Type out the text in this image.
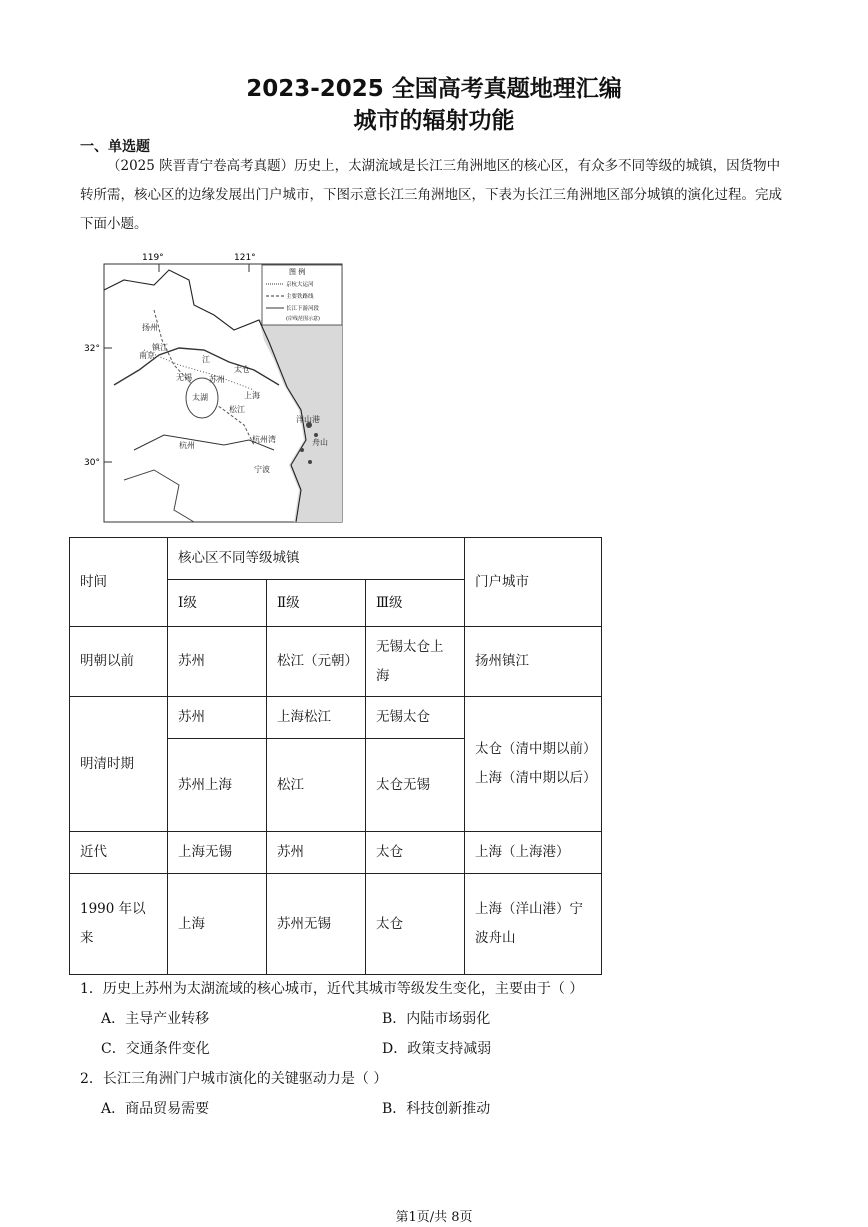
2023-2025 全国高考真题地理汇编
城市的辐射功能
一、单选题

（2025 陕晋青宁卷高考真题）历史上，太湖流域是长江三角洲地区的核心区，有众多不同等级的城镇，因货物中转所需，核心区的边缘发展出门户城市，下图示意长江三角洲地区，下表为长江三角洲地区部分城镇的演化过程。完成下面小题。

119°	121°
32°
30°
图 例
京杭大运河
主要铁路线
长江下游河段
(岸线范围示意)
扬州
镇江
南京
无锡 苏州
太仓
上海
松江
太湖
杭州	舟山
宁波
洋山港
杭州湾
江
时间	核心区不同等级城镇			门户城市
	Ⅰ级	Ⅱ级	Ⅲ级	
明朝以前	苏州	松江（元朝）	无锡太仓上海	扬州镇江
明清时期	苏州	上海松江	无锡太仓	太仓（清中期以前）上海（清中期以后）
	苏州上海	松江	太仓无锡	
近代	上海无锡	苏州	太仓	上海（上海港）
1990 年以来	上海	苏州无锡	太仓	上海（洋山港）宁波舟山
1．历史上苏州为太湖流域的核心城市，近代其城市等级发生变化，主要由于（ ）
A．主导产业转移	B．内陆市场弱化
C．交通条件变化	D．政策支持减弱
2．长江三角洲门户城市演化的关键驱动力是（ ）
A．商品贸易需要	B．科技创新推动
第1页/共 8页
